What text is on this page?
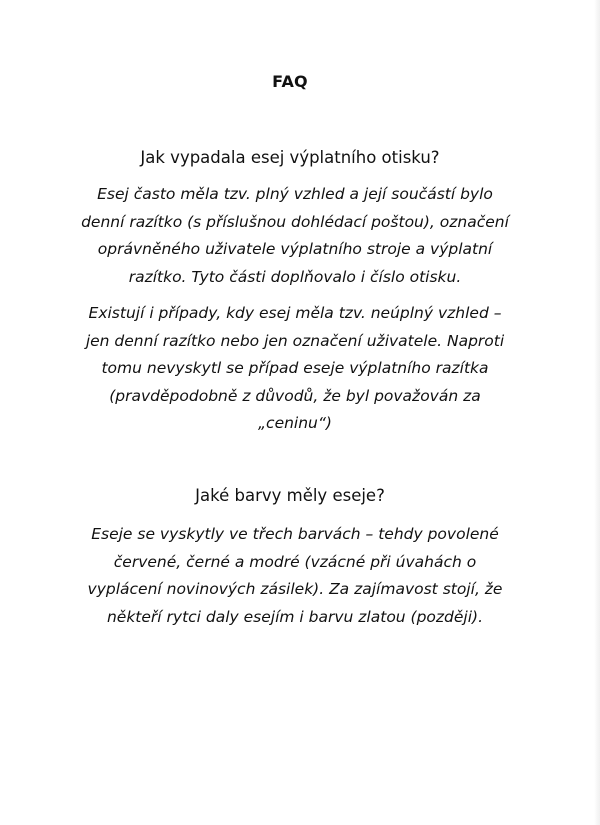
FAQ
Jak vypadala esej výplatního otisku?
Esej často měla tzv. plný vzhled a její součástí bylo
denní razítko (s příslušnou dohlédací poštou), označení
oprávněného uživatele výplatního stroje a výplatní
razítko. Tyto části doplňovalo i číslo otisku.
Existují i případy, kdy esej měla tzv. neúplný vzhled –
jen denní razítko nebo jen označení uživatele. Naproti
tomu nevyskytl se případ eseje výplatního razítka
(pravděpodobně z důvodů, že byl považován za
„ceninu“)
Jaké barvy měly eseje?
Eseje se vyskytly ve třech barvách – tehdy povolené
červené, černé a modré (vzácné při úvahách o
vyplácení novinových zásilek). Za zajímavost stojí, že
někteří rytci daly esejím i barvu zlatou (později).
